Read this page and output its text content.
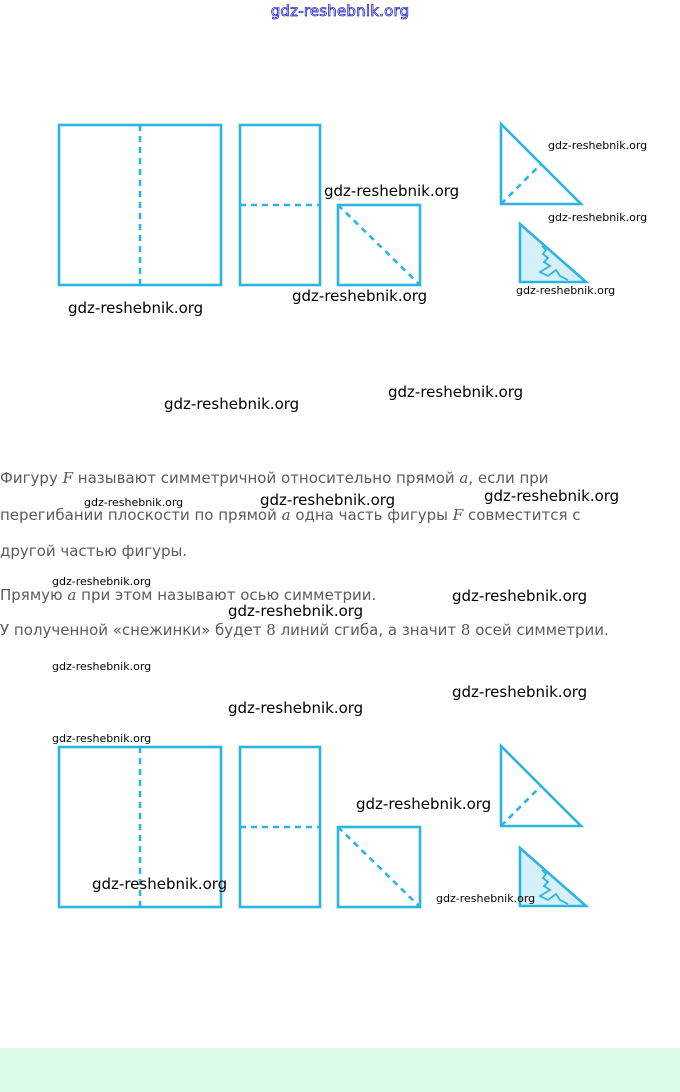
gdz-reshebnik.org

Фигуру F называют симметричной относительно прямой a, если при

перегибании плоскости по прямой a одна часть фигуры F совместится с

другой частью фигуры.

Прямую a при этом называют осью симметрии.

У полученной «снежинки» будет 8 линий сгиба, а значит 8 осей симметрии.

gdz-reshebnik.org
gdz-reshebnik.org
gdz-reshebnik.org
gdz-reshebnik.org
gdz-reshebnik.org
gdz-reshebnik.org
gdz-reshebnik.org
gdz-reshebnik.org
gdz-reshebnik.org
gdz-reshebnik.org	gdz-reshebnik.org
gdz-reshebnik.org
gdz-reshebnik.org
gdz-reshebnik.org
gdz-reshebnik.org
gdz-reshebnik.org
gdz-reshebnik.org
gdz-reshebnik.org
gdz-reshebnik.org
gdz-reshebnik.org
gdz-reshebnik.org
